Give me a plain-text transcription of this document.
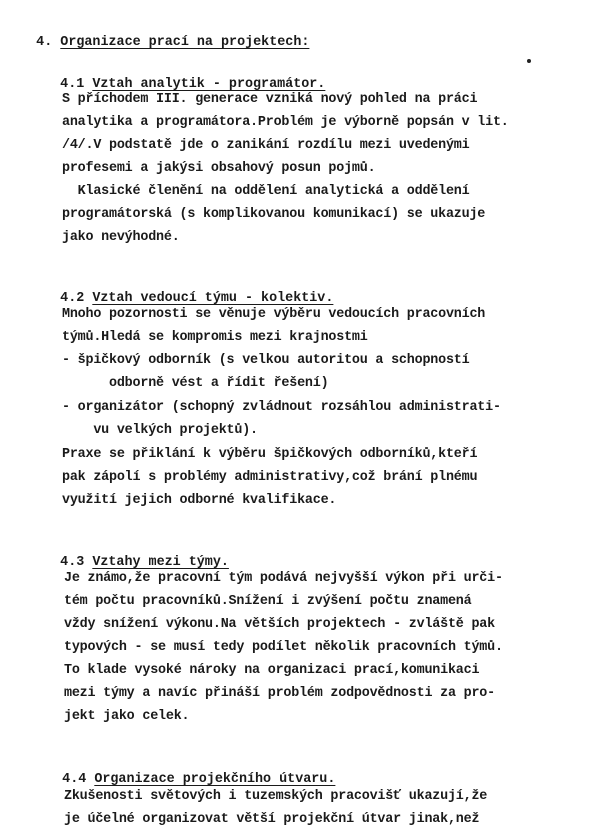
4. Organizace prací na projektech:

4.1 Vztah analytik - programátor.

S příchodem III. generace vzniká nový pohled na práci
analytika a programátora.Problém je výborně popsán v lit.
/4/.V podstatě jde o zanikání rozdílu mezi uvedenými
profesemi a jakýsi obsahový posun pojmů.
Klasické členění na oddělení analytická a oddělení
programátorská (s komplikovanou komunikací) se ukazuje
jako nevýhodné.

4.2 Vztah vedoucí týmu - kolektiv.

Mnoho pozornosti se věnuje výběru vedoucích pracovních
týmů.Hledá se kompromis mezi krajnostmi
- špičkový odborník (s velkou autoritou a schopností
odborně vést a řídit řešení)
- organizátor (schopný zvládnout rozsáhlou administrati-
vu velkých projektů).
Praxe se přiklání k výběru špičkových odborníků,kteří
pak zápolí s problémy administrativy,což brání plnému
využití jejich odborné kvalifikace.

4.3 Vztahy mezi týmy.

Je známo,že pracovní tým podává nejvyšší výkon při urči-
tém počtu pracovníků.Snížení i zvýšení počtu znamená
vždy snížení výkonu.Na větších projektech - zvláště pak
typových - se musí tedy podílet několik pracovních týmů.
To klade vysoké nároky na organizaci prací,komunikaci
mezi týmy a navíc přináší problém zodpovědnosti za pro-
jekt jako celek.

4.4 Organizace projekčního útvaru.

Zkušenosti světových i tuzemských pracovišť ukazují,že
je účelné organizovat větší projekční útvar jinak,než
